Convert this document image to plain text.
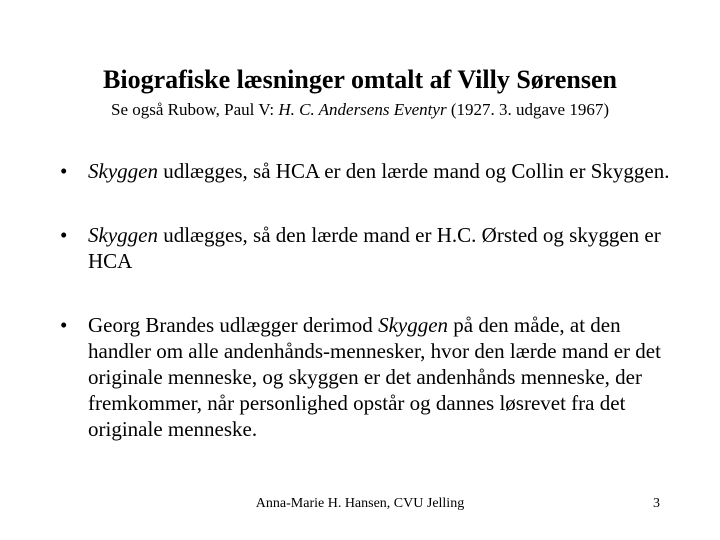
Biografiske læsninger omtalt af Villy Sørensen
Se også Rubow, Paul V: H. C. Andersens Eventyr (1927. 3. udgave 1967)
• Skyggen udlægges, så HCA er den lærde mand og Collin er Skyggen.
• Skyggen udlægges, så den lærde mand er H.C. Ørsted og skyggen er HCA
• Georg Brandes udlægger derimod Skyggen på den måde, at den handler om alle andenhånds-mennesker, hvor den lærde mand er det originale menneske, og skyggen er det andenhånds menneske, der fremkommer, når personlighed opstår og dannes løsrevet fra det originale menneske.
Anna-Marie H. Hansen, CVU Jelling	3
